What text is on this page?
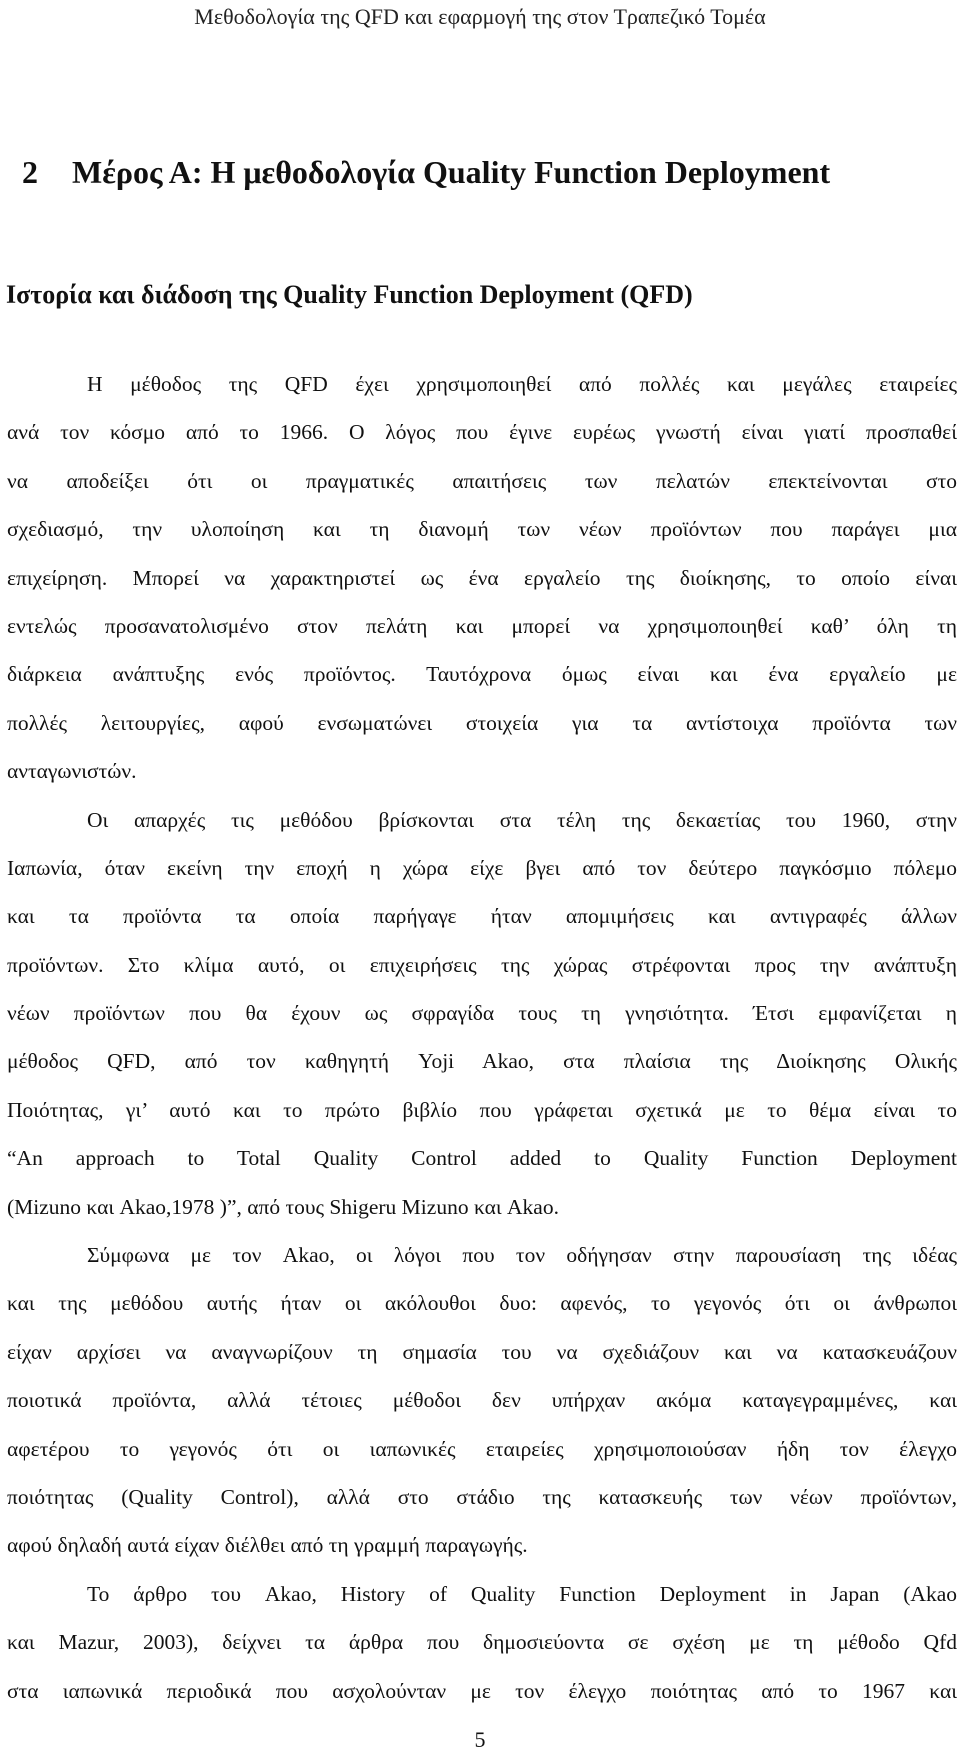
Μεθοδολογία της QFD και εφαρμογή της στον Τραπεζικό Τομέα
2 Μέρος Α: Η μεθοδολογία Quality Function Deployment
Ιστορία και διάδοση της Quality Function Deployment (QFD)
Η μέθοδος της QFD έχει χρησιμοποιηθεί από πολλές και μεγάλες εταιρείες
ανά τον κόσμο από το 1966. Ο λόγος που έγινε ευρέως γνωστή είναι γιατί προσπαθεί
να αποδείξει ότι οι πραγματικές απαιτήσεις των πελατών επεκτείνονται στο
σχεδιασμό, την υλοποίηση και τη διανομή των νέων προϊόντων που παράγει μια
επιχείρηση. Μπορεί να χαρακτηριστεί ως ένα εργαλείο της διοίκησης, το οποίο είναι
εντελώς προσανατολισμένο στον πελάτη και μπορεί να χρησιμοποιηθεί καθ’ όλη τη
διάρκεια ανάπτυξης ενός προϊόντος. Ταυτόχρονα όμως είναι και ένα εργαλείο με
πολλές λειτουργίες, αφού ενσωματώνει στοιχεία για τα αντίστοιχα προϊόντα των
ανταγωνιστών.
Οι απαρχές τις μεθόδου βρίσκονται στα τέλη της δεκαετίας του 1960, στην
Ιαπωνία, όταν εκείνη την εποχή η χώρα είχε βγει από τον δεύτερο παγκόσμιο πόλεμο
και τα προϊόντα τα οποία παρήγαγε ήταν απομιμήσεις και αντιγραφές άλλων
προϊόντων. Στο κλίμα αυτό, οι επιχειρήσεις της χώρας στρέφονται προς την ανάπτυξη
νέων προϊόντων που θα έχουν ως σφραγίδα τους τη γνησιότητα. Έτσι εμφανίζεται η
μέθοδος QFD, από τον καθηγητή Yoji Akao, στα πλαίσια της Διοίκησης Ολικής
Ποιότητας, γι’ αυτό και το πρώτο βιβλίο που γράφεται σχετικά με το θέμα είναι το
“An approach to Total Quality Control added to Quality Function Deployment
(Mizuno και Akao,1978 )”, από τους Shigeru Mizuno και Akao.
Σύμφωνα με τον Akao, οι λόγοι που τον οδήγησαν στην παρουσίαση της ιδέας
και της μεθόδου αυτής ήταν οι ακόλουθοι δυο: αφενός, το γεγονός ότι οι άνθρωποι
είχαν αρχίσει να αναγνωρίζουν τη σημασία του να σχεδιάζουν και να κατασκευάζουν
ποιοτικά προϊόντα, αλλά τέτοιες μέθοδοι δεν υπήρχαν ακόμα καταγεγραμμένες, και
αφετέρου το γεγονός ότι οι ιαπωνικές εταιρείες χρησιμοποιούσαν ήδη τον έλεγχο
ποιότητας (Quality Control), αλλά στο στάδιο της κατασκευής των νέων προϊόντων,
αφού δηλαδή αυτά είχαν διέλθει από τη γραμμή παραγωγής.
Το άρθρο του Akao, History of Quality Function Deployment in Japan (Akao
και Mazur, 2003), δείχνει τα άρθρα που δημοσιεύοντα σε σχέση με τη μέθοδο Qfd
στα ιαπωνικά περιοδικά που ασχολούνταν με τον έλεγχο ποιότητας από το 1967 και
5
